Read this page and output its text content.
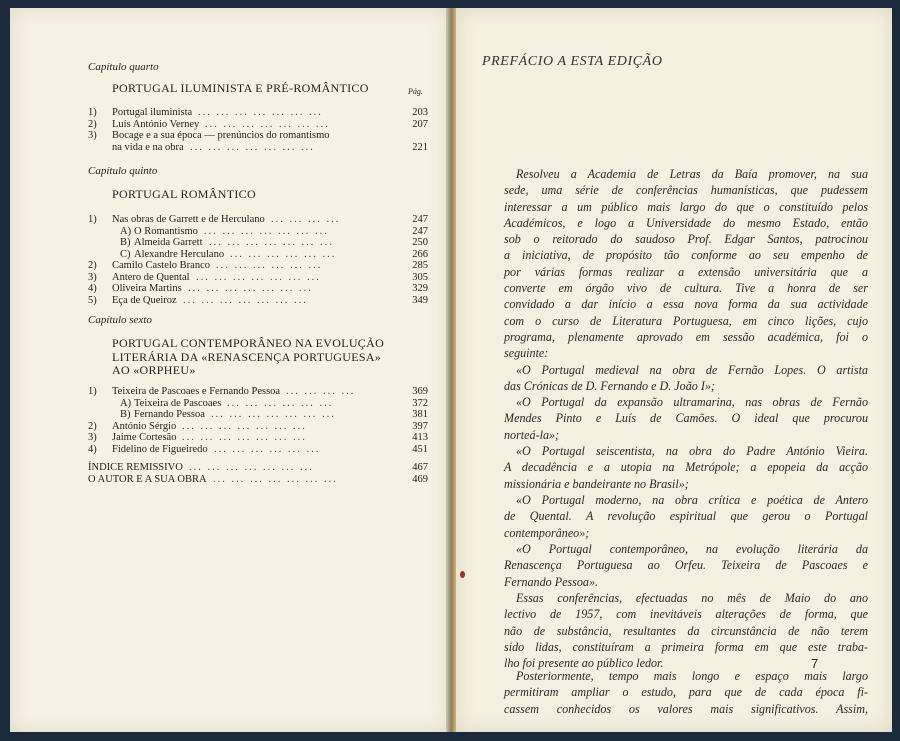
Capítulo quarto
PORTUGAL ILUMINISTA E PRÉ-ROMÂNTICO	Pág.
1)	Portugal iluminista ... ... ... ... ... ... ...	203
2)	Luís António Verney ... ... ... ... ... ... ...	207
3)	Bocage e a sua época — prenúncios do romantismo
na vida e na obra ... ... ... ... ... ... ...	221
Capítulo quinto
PORTUGAL ROMÂNTICO
1)	Nas obras de Garrett e de Herculano ... ... ... ...	247
A) O Romantismo ... ... ... ... ... ... ...	247
B) Almeida Garrett ... ... ... ... ... ... ...	250
C) Alexandre Herculano ... ... ... ... ... ...	266
2)	Camilo Castelo Branco ... ... ... ... ... ...	285
3)	Antero de Quental ... ... ... ... ... ... ...	305
4)	Oliveira Martins ... ... ... ... ... ... ...	329
5)	Eça de Queiroz ... ... ... ... ... ... ...	349
Capítulo sexto
PORTUGAL CONTEMPORÂNEO NA EVOLUÇÃO
LITERÁRIA DA «RENASCENÇA PORTUGUESA»
AO «ORPHEU»
1)	Teixeira de Pascoaes e Fernando Pessoa ... ... ... ...	369
A) Teixeira de Pascoaes ... ... ... ... ... ...	372
B) Fernando Pessoa ... ... ... ... ... ... ...	381
2)	António Sérgio ... ... ... ... ... ... ...	397
3)	Jaime Cortesão ... ... ... ... ... ... ...	413
4)	Fidelino de Figueiredo ... ... ... ... ... ...	451
ÍNDICE REMISSIVO ... ... ... ... ... ... ...	467
O AUTOR E A SUA OBRA ... ... ... ... ... ... ...	469
PREFÁCIO A ESTA EDIÇÃO
Resolveu a Academia de Letras da Baía promover, na sua
sede, uma série de conferências humanísticas, que pudessem
interessar a um público mais largo do que o constituído pelos
Académicos, e logo a Universidade do mesmo Estado, então
sob o reitorado do saudoso Prof. Edgar Santos, patrocinou
a iniciativa, de propósito tão conforme ao seu empenho de
por várias formas realizar a extensão universitária que a
converte em órgão vivo de cultura. Tive a honra de ser
convidado a dar início a essa nova forma da sua actividade
com o curso de Literatura Portuguesa, em cinco lições, cujo
programa, plenamente aprovado em sessão académica, foi o
seguinte:
«O Portugal medieval na obra de Fernão Lopes. O artista
das Crónicas de D. Fernando e D. João I»;
«O Portugal da expansão ultramarina, nas obras de Fernão
Mendes Pinto e Luís de Camões. O ideal que procurou
norteá-la»;
«O Portugal seiscentista, na obra do Padre António Vieira.
A decadência e a utopia na Metrópole; a epopeia da acção
missionária e bandeirante no Brasil»;
«O Portugal moderno, na obra crítica e poética de Antero
de Quental. A revolução espiritual que gerou o Portugal
contemporâneo»;
«O Portugal contemporâneo, na evolução literária da
Renascença Portuguesa ao Orfeu. Teixeira de Pascoaes e
Fernando Pessoa».
Essas conferências, efectuadas no mês de Maio do ano
lectivo de 1957, com inevitáveis alterações de forma, que
não de substância, resultantes da circunstância de não terem
sido lidas, constituíram a primeira forma em que este traba-
lho foi presente ao público ledor.
Posteriormente, tempo mais longo e espaço mais largo
permitiram ampliar o estudo, para que de cada época fi-
cassem conhecidos os valores mais significativos. Assim,
7
